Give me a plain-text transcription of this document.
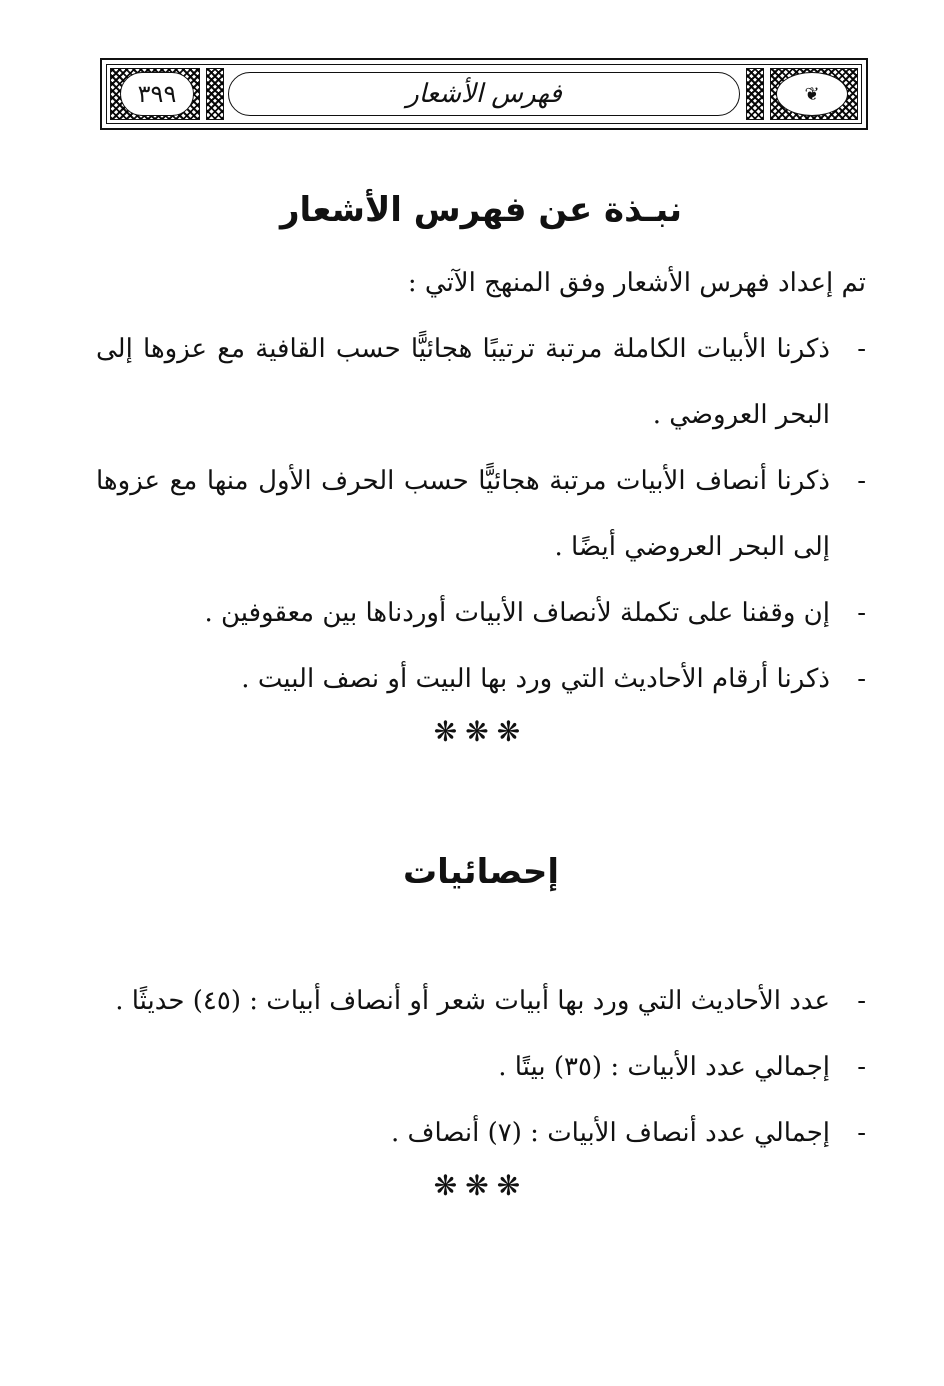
٣٩٩	فهرس الأشعار	❦
نبـذة عن فهرس الأشعار

تم إعداد فهرس الأشعار وفق المنهج الآتي :

-
ذكرنا الأبيات الكاملة مرتبة ترتيبًا هجائيًّا حسب القافية مع عزوها إلى البحر العروضي .
-
ذكرنا أنصاف الأبيات مرتبة هجائيًّا حسب الحرف الأول منها مع عزوها إلى البحر العروضي أيضًا .
-
إن وقفنا على تكملة لأنصاف الأبيات أوردناها بين معقوفين .
-
ذكرنا أرقام الأحاديث التي ورد بها البيت أو نصف البيت .
❋❋❋
إحصائيات
-
عدد الأحاديث التي ورد بها أبيات شعر أو أنصاف أبيات : (٤٥) حديثًا .
-
إجمالي عدد الأبيات : (٣٥) بيتًا .
-
إجمالي عدد أنصاف الأبيات : (٧) أنصاف .
❋❋❋
